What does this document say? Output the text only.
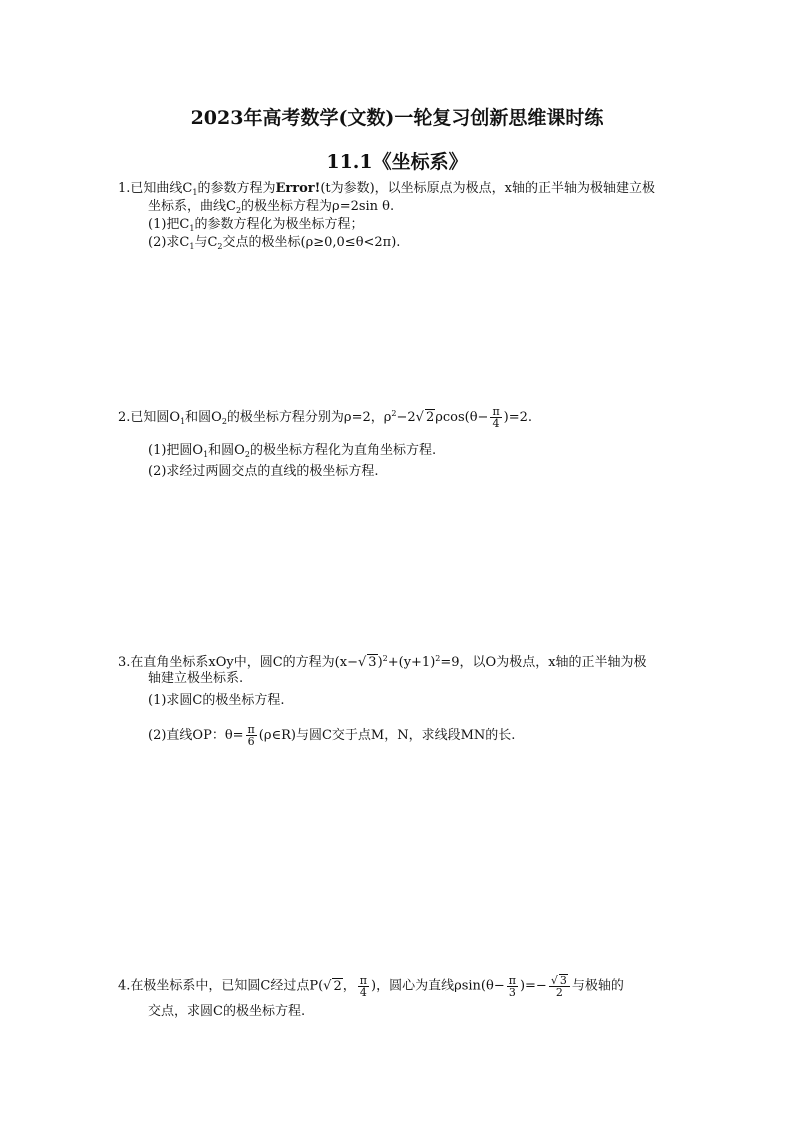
2023年高考数学(文数)一轮复习创新思维课时练
11.1《坐标系》
1.已知曲线$C_1$的参数方程为Error!(t为参数)，以坐标原点为极点，x轴的正半轴为极轴建立极
坐标系，曲线$C_2$的极坐标方程为ρ=2sin θ.
(1)把$C_1$的参数方程化为极坐标方程；
(2)求$C_1$与$C_2$交点的极坐标(ρ≥0,0≤θ<2π).
2.已知圆$O_1$和圆$O_2$的极坐标方程分别为ρ=2，$\rho^2-2√$ $2\rho\cos(\theta- \frac{\pi}{4} )=2$.
(1)把圆$O_1$和圆$O_2$的极坐标方程化为直角坐标方程.
(2)求经过两圆交点的直线的极坐标方程.
3.在直角坐标系xOy中，圆C的方程为(x−√ $3)^2+(y+1)^2=9$，以O为极点，x轴的正半轴为极
轴建立极坐标系.
(1)求圆C的极坐标方程.
(2)直线OP：$\theta= \frac{\pi}{6}$ (ρ∈R)与圆C交于点M，N，求线段MN的长.
4.在极坐标系中，已知圆C经过点P(√ 2， $\frac{\pi}{4}$ )，圆心为直线$\rho\sin(\theta- \frac{\pi}{3}$ )=− $\frac{√ 3}{2}$ 与极轴的
交点，求圆C的极坐标方程.
